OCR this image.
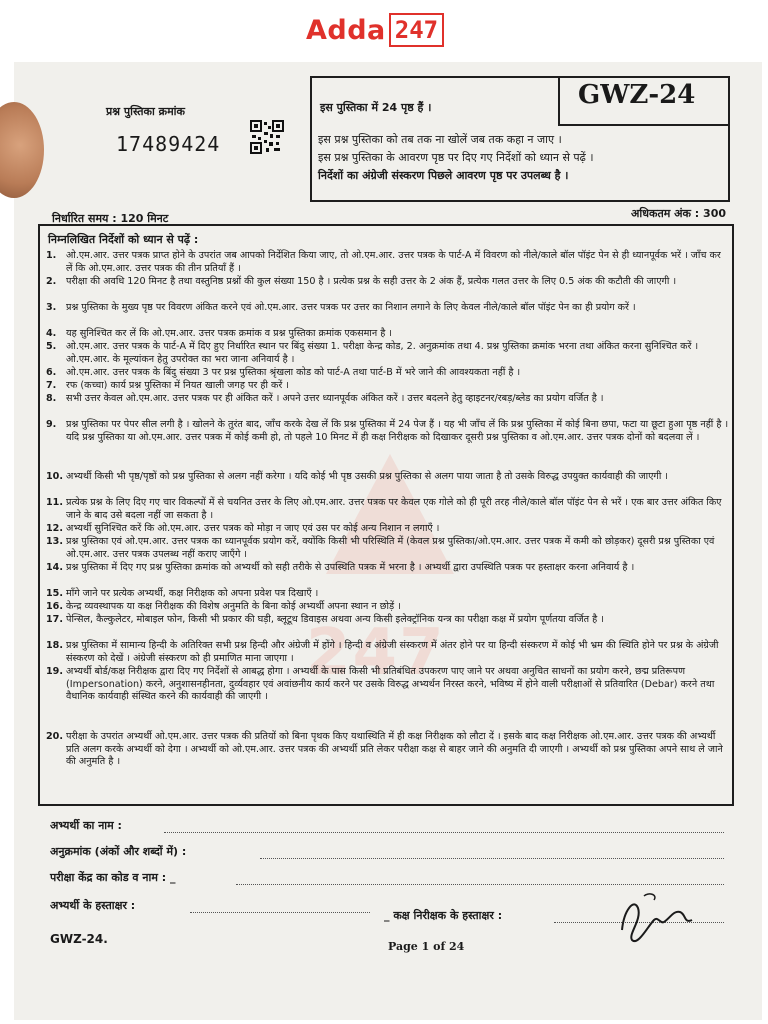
Adda 247
247
प्रश्न पुस्तिका क्रमांक
17489424
इस पुस्तिका में 24 पृष्ठ हैं ।	GWZ-24
इस प्रश्न पुस्तिका को तब तक ना खोलें जब तक कहा न जाए ।
इस प्रश्न पुस्तिका के आवरण पृष्ठ पर दिए गए निर्देशों को ध्यान से पढ़ें ।
निर्देशों का अंग्रेजी संस्करण पिछले आवरण पृष्ठ पर उपलब्ध है ।
निर्धारित समय : 120 मिनट	अधिकतम अंक : 300
निम्नलिखित निर्देशों को ध्यान से पढ़ें :
1. ओ.एम.आर. उत्तर पत्रक प्राप्त होने के उपरांत जब आपको निर्देशित किया जाए, तो ओ.एम.आर. उत्तर पत्रक के पार्ट-A में विवरण को नीले/काले बॉल पॉइंट पेन से ही ध्यानपूर्वक भरें । जाँच कर लें कि ओ.एम.आर. उत्तर पत्रक की तीन प्रतियाँ हैं ।
2. परीक्षा की अवधि 120 मिनट है तथा वस्तुनिष्ठ प्रश्नों की कुल संख्या 150 है । प्रत्येक प्रश्न के सही उत्तर के 2 अंक हैं, प्रत्येक गलत उत्तर के लिए 0.5 अंक की कटौती की जाएगी ।
3. प्रश्न पुस्तिका के मुख्य पृष्ठ पर विवरण अंकित करने एवं ओ.एम.आर. उत्तर पत्रक पर उत्तर का निशान लगाने के लिए केवल नीले/काले बॉल पॉइंट पेन का ही प्रयोग करें ।
4. यह सुनिश्चित कर लें कि ओ.एम.आर. उत्तर पत्रक क्रमांक व प्रश्न पुस्तिका क्रमांक एकसमान है ।
5. ओ.एम.आर. उत्तर पत्रक के पार्ट-A में दिए हुए निर्धारित स्थान पर बिंदु संख्या 1. परीक्षा केन्द्र कोड, 2. अनुक्रमांक तथा 4. प्रश्न पुस्तिका क्रमांक भरना तथा अंकित करना सुनिश्चित करें । ओ.एम.आर. के मूल्यांकन हेतु उपरोक्त का भरा जाना अनिवार्य है ।
6. ओ.एम.आर. उत्तर पत्रक के बिंदु संख्या 3 पर प्रश्न पुस्तिका श्रृंखला कोड को पार्ट-A तथा पार्ट-B में भरे जाने की आवश्यकता नहीं है ।
7. रफ (कच्चा) कार्य प्रश्न पुस्तिका में नियत खाली जगह पर ही करें ।
8. सभी उत्तर केवल ओ.एम.आर. उत्तर पत्रक पर ही अंकित करें । अपने उत्तर ध्यानपूर्वक अंकित करें । उत्तर बदलने हेतु व्हाइटनर/रबड़/ब्लेड का प्रयोग वर्जित है ।
9. प्रश्न पुस्तिका पर पेपर सील लगी है । खोलने के तुरंत बाद, जाँच करके देख लें कि प्रश्न पुस्तिका में 24 पेज हैं । यह भी जाँच लें कि प्रश्न पुस्तिका में कोई बिना छपा, फटा या छूटा हुआ पृष्ठ नहीं है । यदि प्रश्न पुस्तिका या ओ.एम.आर. उत्तर पत्रक में कोई कमी हो, तो पहले 10 मिनट में ही कक्ष निरीक्षक को दिखाकर दूसरी प्रश्न पुस्तिका व ओ.एम.आर. उत्तर पत्रक दोनों को बदलवा लें ।
10. अभ्यर्थी किसी भी पृष्ठ/पृष्ठों को प्रश्न पुस्तिका से अलग नहीं करेगा । यदि कोई भी पृष्ठ उसकी प्रश्न पुस्तिका से अलग पाया जाता है तो उसके विरुद्ध उपयुक्त कार्यवाही की जाएगी ।
11. प्रत्येक प्रश्न के लिए दिए गए चार विकल्पों में से चयनित उत्तर के लिए ओ.एम.आर. उत्तर पत्रक पर केवल एक गोले को ही पूरी तरह नीले/काले बॉल पॉइंट पेन से भरें । एक बार उत्तर अंकित किए जाने के बाद उसे बदला नहीं जा सकता है ।
12. अभ्यर्थी सुनिश्चित करें कि ओ.एम.आर. उत्तर पत्रक को मोड़ा न जाए एवं उस पर कोई अन्य निशान न लगाएँ ।
13. प्रश्न पुस्तिका एवं ओ.एम.आर. उत्तर पत्रक का ध्यानपूर्वक प्रयोग करें, क्योंकि किसी भी परिस्थिति में (केवल प्रश्न पुस्तिका/ओ.एम.आर. उत्तर पत्रक में कमी को छोड़कर) दूसरी प्रश्न पुस्तिका एवं ओ.एम.आर. उत्तर पत्रक उपलब्ध नहीं कराए जाएँगे ।
14. प्रश्न पुस्तिका में दिए गए प्रश्न पुस्तिका क्रमांक को अभ्यर्थी को सही तरीके से उपस्थिति पत्रक में भरना है । अभ्यर्थी द्वारा उपस्थिति पत्रक पर हस्ताक्षर करना अनिवार्य है ।
15. माँगे जाने पर प्रत्येक अभ्यर्थी, कक्ष निरीक्षक को अपना प्रवेश पत्र दिखाएँ ।
16. केन्द्र व्यवस्थापक या कक्ष निरीक्षक की विशेष अनुमति के बिना कोई अभ्यर्थी अपना स्थान न छोड़ें ।
17. पेन्सिल, कैल्कुलेटर, मोबाइल फोन, किसी भी प्रकार की घड़ी, ब्लूटूथ डिवाइस अथवा अन्य किसी इलेक्ट्रॉनिक यन्त्र का परीक्षा कक्ष में प्रयोग पूर्णतया वर्जित है ।
18. प्रश्न पुस्तिका में सामान्य हिन्दी के अतिरिक्त सभी प्रश्न हिन्दी और अंग्रेजी में होंगे । हिन्दी व अंग्रेजी संस्करण में अंतर होने पर या हिन्दी संस्करण में कोई भी भ्रम की स्थिति होने पर प्रश्न के अंग्रेजी संस्करण को देखें । अंग्रेजी संस्करण को ही प्रमाणित माना जाएगा ।
19. अभ्यर्थी बोर्ड/कक्ष निरीक्षक द्वारा दिए गए निर्देशों से आबद्ध होगा । अभ्यर्थी के पास किसी भी प्रतिबंधित उपकरण पाए जाने पर अथवा अनुचित साधनों का प्रयोग करने, छद्म प्रतिरूपण (Impersonation) करने, अनुशासनहीनता, दुर्व्यवहार एवं अवांछनीय कार्य करने पर उसके विरुद्ध अभ्यर्थन निरस्त करने, भविष्य में होने वाली परीक्षाओं से प्रतिवारित (Debar) करने तथा वैधानिक कार्यवाही संस्थित करने की कार्यवाही की जाएगी ।
20. परीक्षा के उपरांत अभ्यर्थी ओ.एम.आर. उत्तर पत्रक की प्रतियों को बिना पृथक किए यथास्थिति में ही कक्ष निरीक्षक को लौटा दें । इसके बाद कक्ष निरीक्षक ओ.एम.आर. उत्तर पत्रक की अभ्यर्थी प्रति अलग करके अभ्यर्थी को देगा । अभ्यर्थी को ओ.एम.आर. उत्तर पत्रक की अभ्यर्थी प्रति लेकर परीक्षा कक्ष से बाहर जाने की अनुमति दी जाएगी । अभ्यर्थी को प्रश्न पुस्तिका अपने साथ ले जाने की अनुमति है ।
अभ्यर्थी का नाम :
अनुक्रमांक (अंकों और शब्दों में) :
परीक्षा केंद्र का कोड व नाम : _
अभ्यर्थी के हस्ताक्षर :
_ कक्ष निरीक्षक के हस्ताक्षर :
GWZ-24.
Page 1 of 24
